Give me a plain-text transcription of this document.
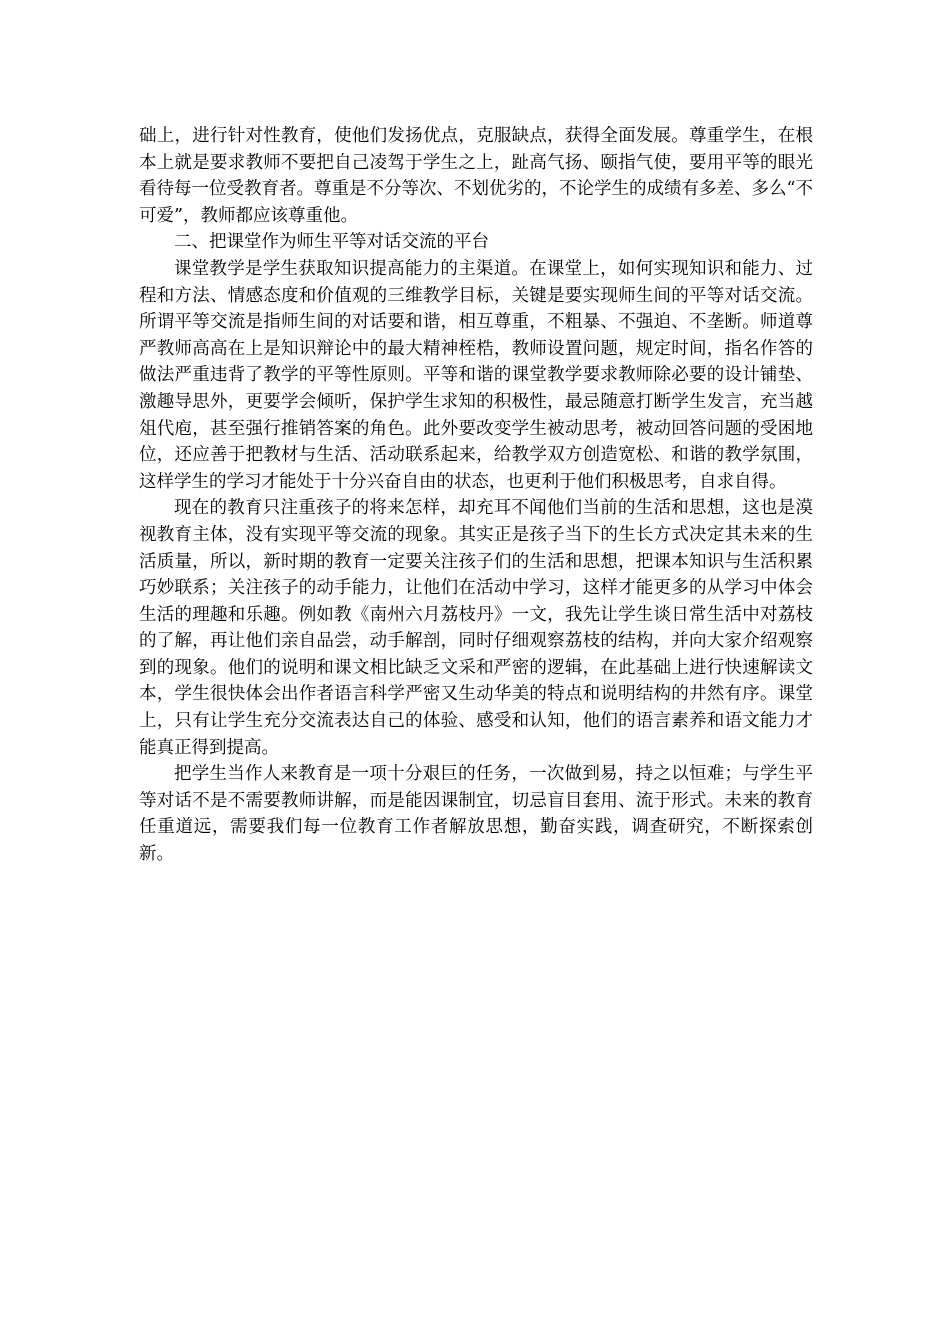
础上，进行针对性教育，使他们发扬优点，克服缺点，获得全面发展。尊重学生，在根本上就是要求教师不要把自己凌驾于学生之上，趾高气扬、颐指气使，要用平等的眼光看待每一位受教育者。尊重是不分等次、不划优劣的，不论学生的成绩有多差、多么“不可爱”，教师都应该尊重他。

二、把课堂作为师生平等对话交流的平台

课堂教学是学生获取知识提高能力的主渠道。在课堂上，如何实现知识和能力、过程和方法、情感态度和价值观的三维教学目标，关键是要实现师生间的平等对话交流。所谓平等交流是指师生间的对话要和谐，相互尊重，不粗暴、不强迫、不垄断。师道尊严教师高高在上是知识辩论中的最大精神桎梏，教师设置问题，规定时间，指名作答的做法严重违背了教学的平等性原则。平等和谐的课堂教学要求教师除必要的设计铺垫、激趣导思外，更要学会倾听，保护学生求知的积极性，最忌随意打断学生发言，充当越俎代庖，甚至强行推销答案的角色。此外要改变学生被动思考，被动回答问题的受困地位，还应善于把教材与生活、活动联系起来，给教学双方创造宽松、和谐的教学氛围，这样学生的学习才能处于十分兴奋自由的状态，也更利于他们积极思考，自求自得。

现在的教育只注重孩子的将来怎样，却充耳不闻他们当前的生活和思想，这也是漠视教育主体，没有实现平等交流的现象。其实正是孩子当下的生长方式决定其未来的生活质量，所以，新时期的教育一定要关注孩子们的生活和思想，把课本知识与生活积累巧妙联系；关注孩子的动手能力，让他们在活动中学习，这样才能更多的从学习中体会生活的理趣和乐趣。例如教《南州六月荔枝丹》一文，我先让学生谈日常生活中对荔枝的了解，再让他们亲自品尝，动手解剖，同时仔细观察荔枝的结构，并向大家介绍观察到的现象。他们的说明和课文相比缺乏文采和严密的逻辑，在此基础上进行快速解读文本，学生很快体会出作者语言科学严密又生动华美的特点和说明结构的井然有序。课堂上，只有让学生充分交流表达自己的体验、感受和认知，他们的语言素养和语文能力才能真正得到提高。

把学生当作人来教育是一项十分艰巨的任务，一次做到易，持之以恒难；与学生平等对话不是不需要教师讲解，而是能因课制宜，切忌盲目套用、流于形式。未来的教育任重道远，需要我们每一位教育工作者解放思想，勤奋实践，调查研究，不断探索创新。
